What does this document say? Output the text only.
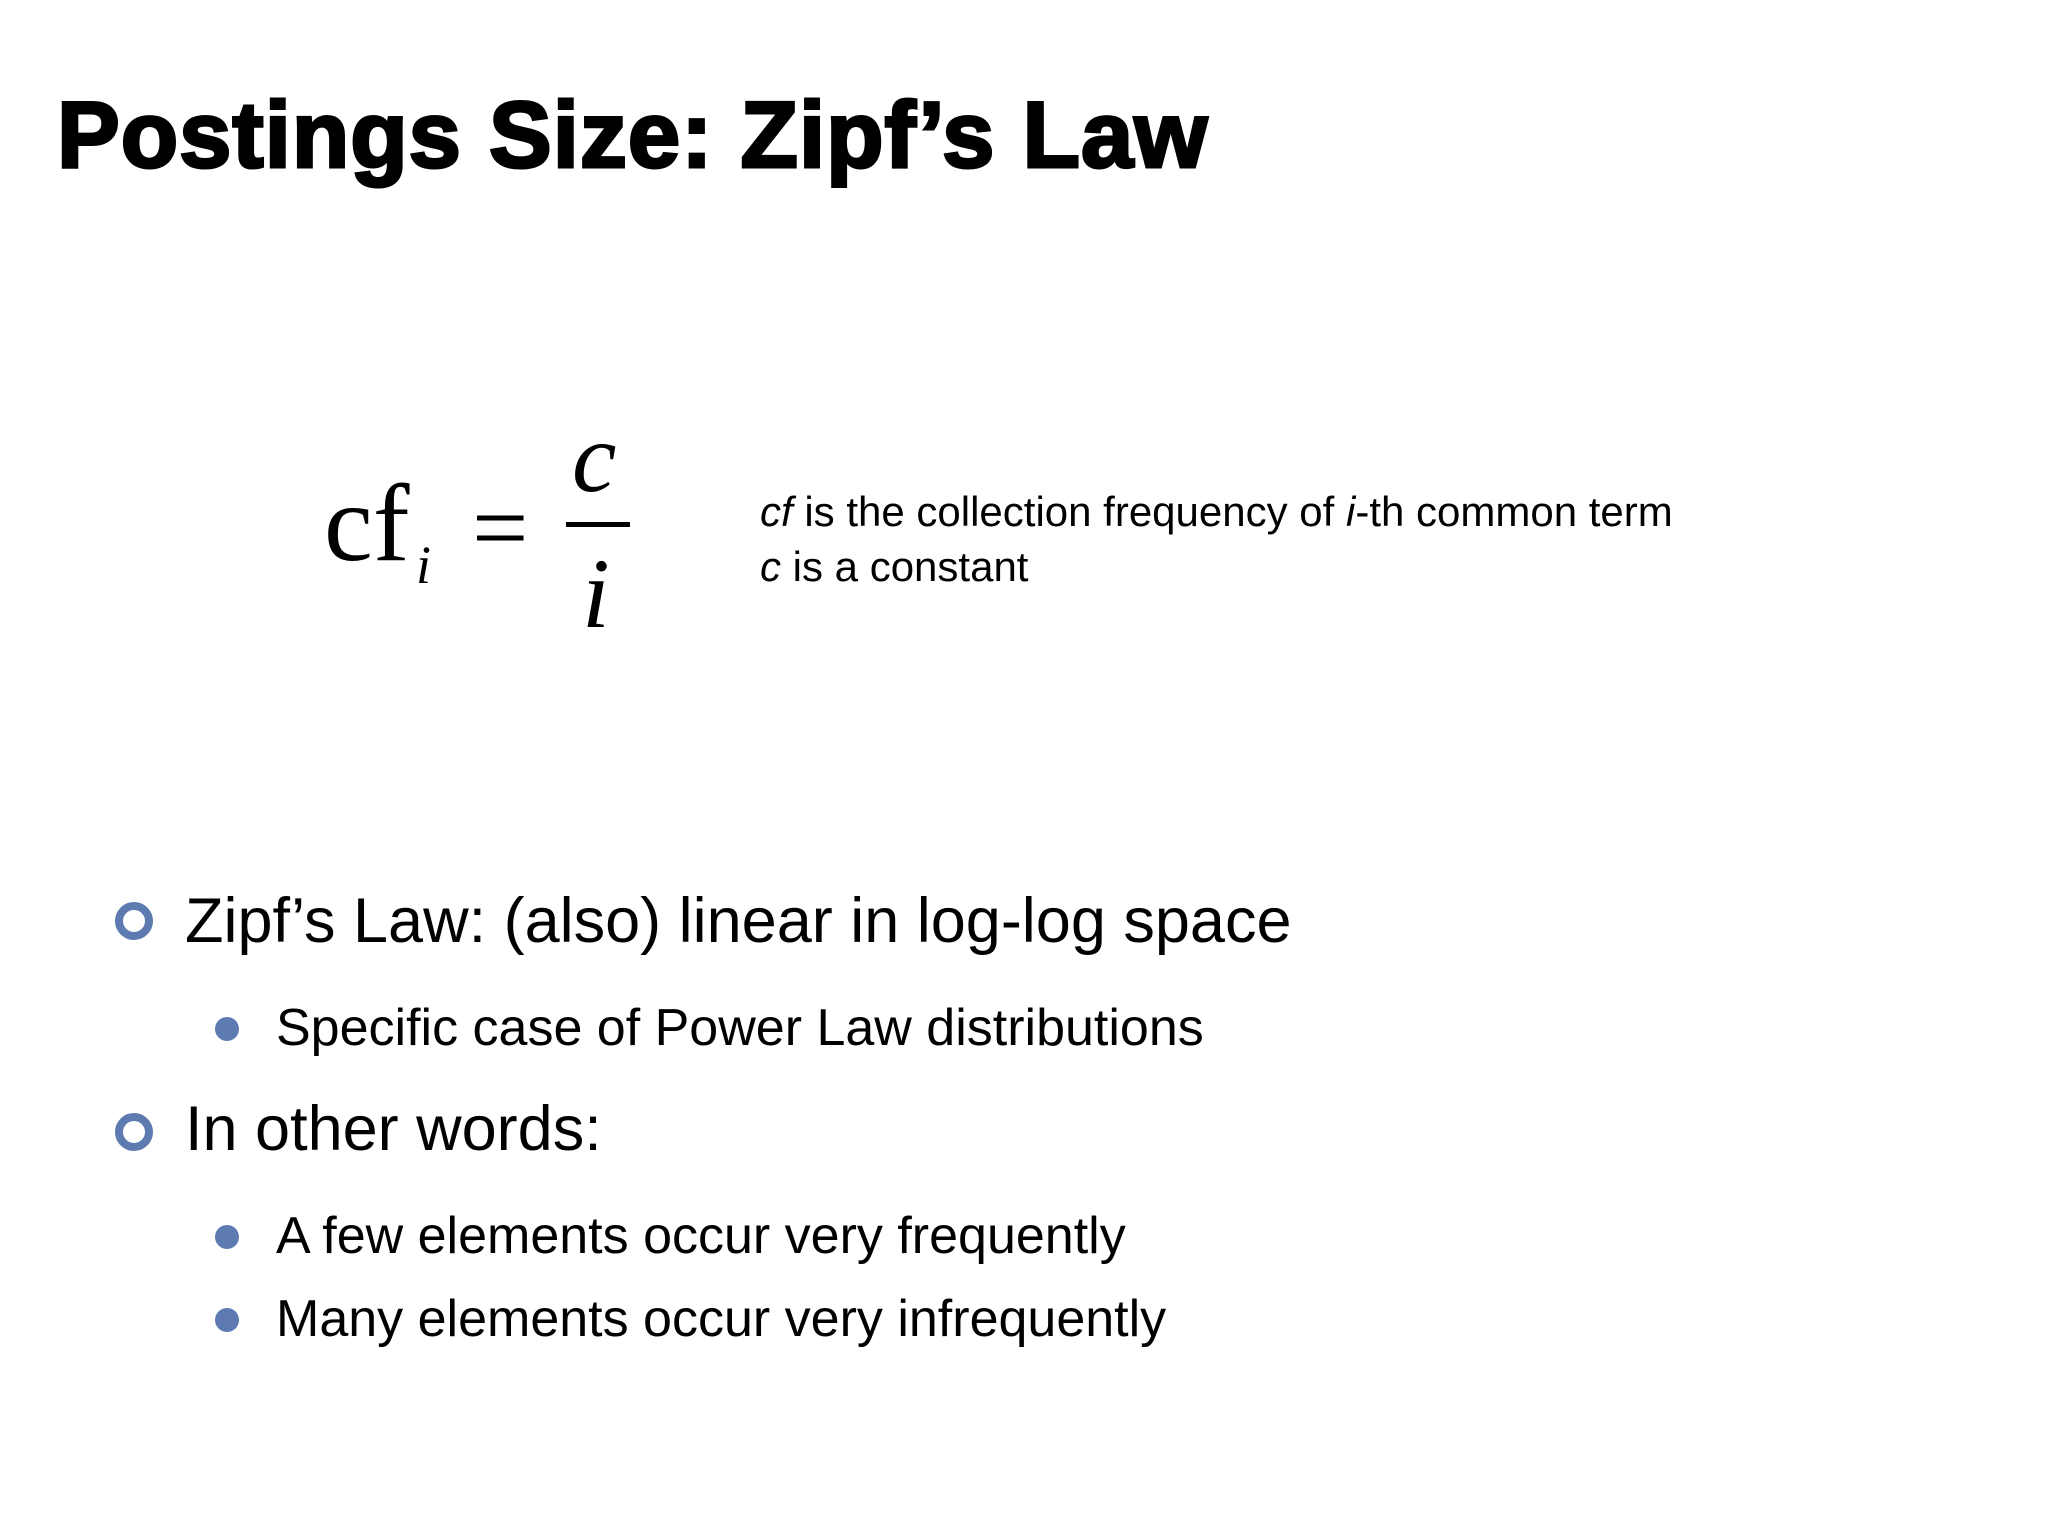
Postings Size: Zipf’s Law
cf i =
c
i
cf is the collection frequency of i-th common term
c is a constant
Zipf’s Law: (also) linear in log-log space
Specific case of Power Law distributions
In other words:
A few elements occur very frequently
Many elements occur very infrequently
